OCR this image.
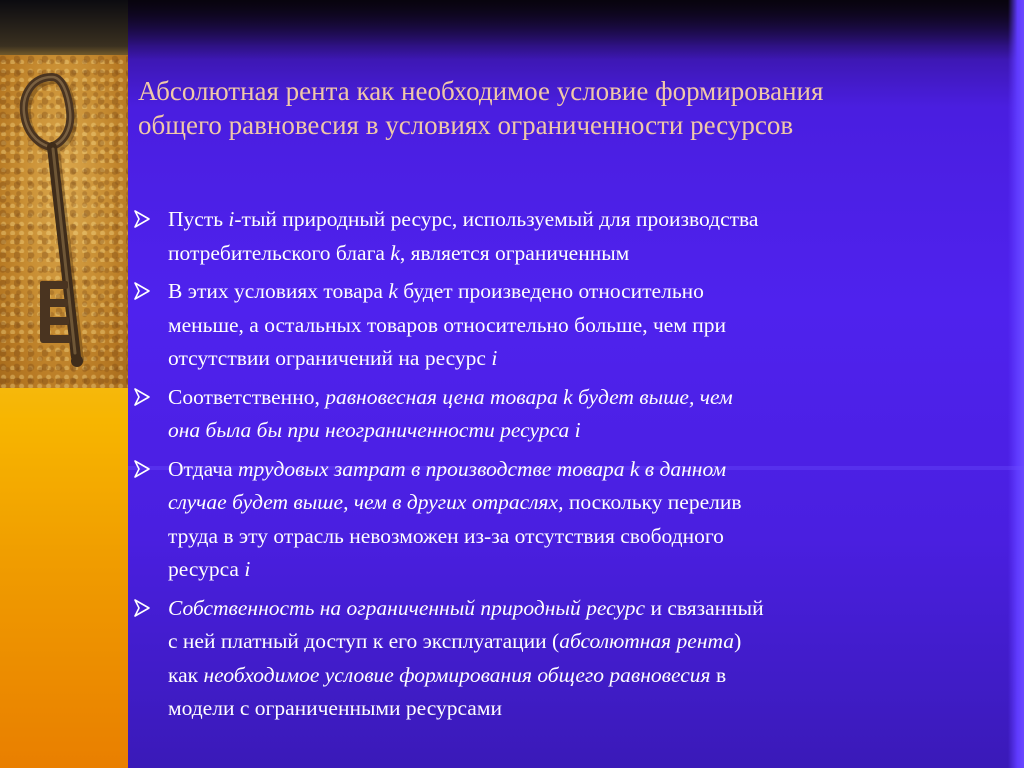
Абсолютная рента как необходимое условие формирования
общего равновесия в условиях ограниченности ресурсов
Пусть i-тый природный ресурс, используемый для производства
потребительского блага k, является ограниченным
В этих условиях товара k будет произведено относительно
меньше, а остальных товаров относительно больше, чем при
отсутствии ограничений на ресурс i
Соответственно, равновесная цена товара k будет выше, чем
она была бы при неограниченности ресурса i
Отдача трудовых затрат в производстве товара k в данном
случае будет выше, чем в других отраслях, поскольку перелив
труда в эту отрасль невозможен из-за отсутствия свободного
ресурса i
Собственность на ограниченный природный ресурс и связанный
с ней платный доступ к его эксплуатации (абсолютная рента)
как необходимое условие формирования общего равновесия в
модели с ограниченными ресурсами
